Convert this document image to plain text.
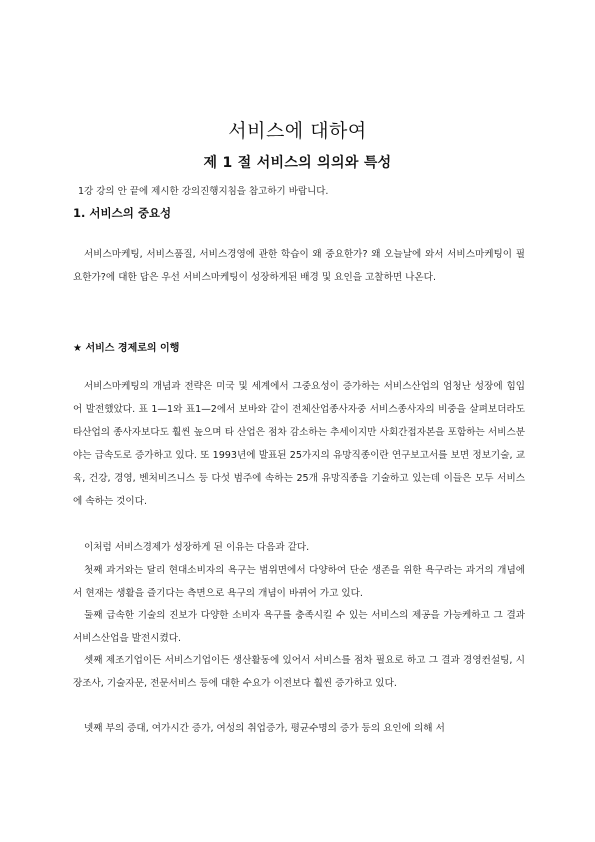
서비스에 대하여
제 1 절 서비스의 의의와 특성
1강 강의 안 끝에 제시한 강의진행지침을 참고하기 바랍니다.
1. 서비스의 중요성

서비스마케팅, 서비스품질, 서비스경영에 관한 학습이 왜 중요한가? 왜 오늘날에 와서 서비스마케팅이 필요한가?에 대한 답은 우선 서비스마케팅이 성장하게된 배경 및 요인을 고찰하면 나온다.

★ 서비스 경제로의 이행

서비스마케팅의 개념과 전략은 미국 및 세계에서 그중요성이 증가하는 서비스산업의 엄청난 성장에 힘입어 발전했았다. 표 1—1와 표1—2에서 보바와 같이 전체산업종사자중 서비스종사자의 비중을 살펴보더라도 타산업의 종사자보다도 훨씬 높으며 타 산업은 점차 감소하는 추세이지만 사회간접자본을 포함하는 서비스분야는 급속도로 증가하고 있다. 또 1993년에 발표된 25가지의 유망직종이란 연구보고서를 보면 정보기술, 교육, 건강, 경영, 벤처비즈니스 등 다섯 범주에 속하는 25개 유망직종을 기술하고 있는데 이들은 모두 서비스에 속하는 것이다.

이처럼 서비스경제가 성장하게 된 이유는 다음과 같다.

첫째 과거와는 달리 현대소비자의 욕구는 범위면에서 다양하여 단순 생존을 위한 욕구라는 과거의 개념에서 현재는 생활을 즐기다는 측면으로 욕구의 개념이 바뀌어 가고 있다.

둘째 급속한 기술의 진보가 다양한 소비자 욕구를 충족시킬 수 있는 서비스의 제공을 가능케하고 그 결과 서비스산업을 발전시켰다.

셋째 제조기업이든 서비스기업이든 생산활동에 있어서 서비스를 점차 필요로 하고 그 결과 경영컨설팅, 시장조사, 기술자문, 전문서비스 등에 대한 수요가 이전보다 훨씬 증가하고 있다.

넷째 부의 증대, 여가시간 증가, 여성의 취업증가, 평균수명의 증가 등의 요인에 의해 서
